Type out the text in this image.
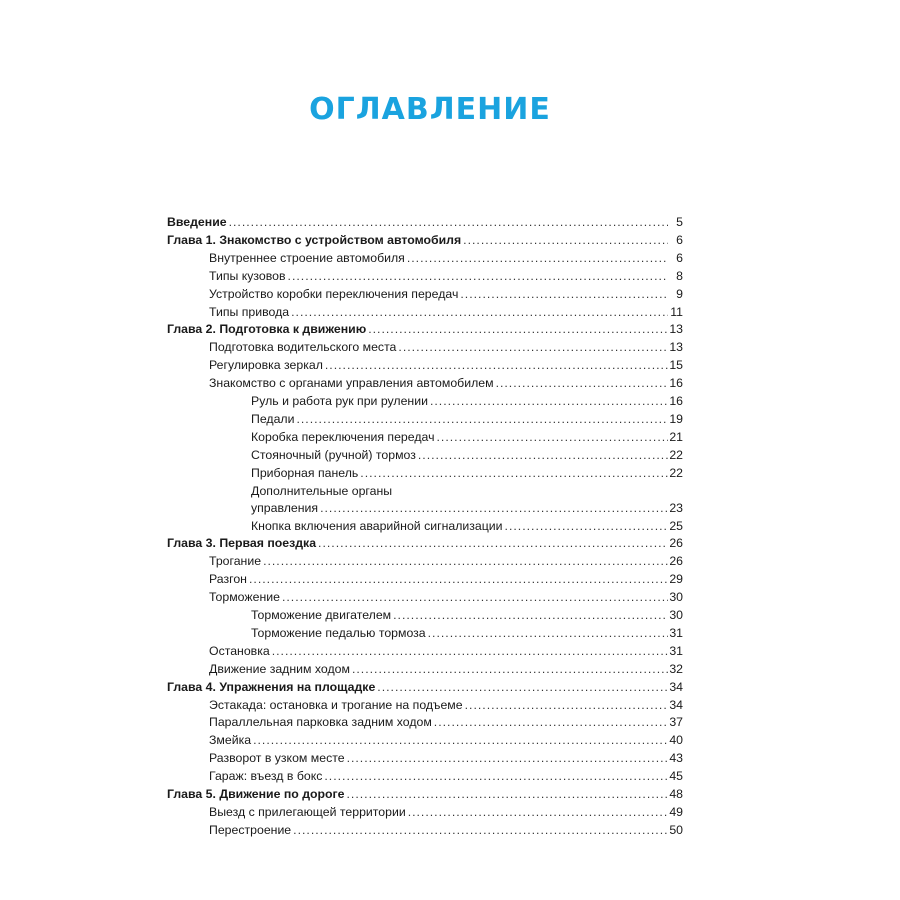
ОГЛАВЛЕНИЕ
Введение .....	5
Глава 1. Знакомство с устройством автомобиля .....	6
Внутреннее строение автомобиля .....	6
Типы кузовов .....	8
Устройство коробки переключения передач .....	9
Типы привода .....	11
Глава 2. Подготовка к движению .....	13
Подготовка водительского места .....	13
Регулировка зеркал .....	15
Знакомство с органами управления автомобилем .....	16
Руль и работа рук при рулении .....	16
Педали .....	19
Коробка переключения передач .....	21
Стояночный (ручной) тормоз .....	22
Приборная панель .....	22
Дополнительные органы
управления .....	23
Кнопка включения аварийной сигнализации .....	25
Глава 3. Первая поездка .....	26
Трогание .....	26
Разгон .....	29
Торможение .....	30
Торможение двигателем .....	30
Торможение педалью тормоза .....	31
Остановка .....	31
Движение задним ходом .....	32
Глава 4. Упражнения на площадке .....	34
Эстакада: остановка и трогание на подъеме .....	34
Параллельная парковка задним ходом .....	37
Змейка .....	40
Разворот в узком месте .....	43
Гараж: въезд в бокс .....	45
Глава 5. Движение по дороге .....	48
Выезд с прилегающей территории .....	49
Перестроение .....	50
